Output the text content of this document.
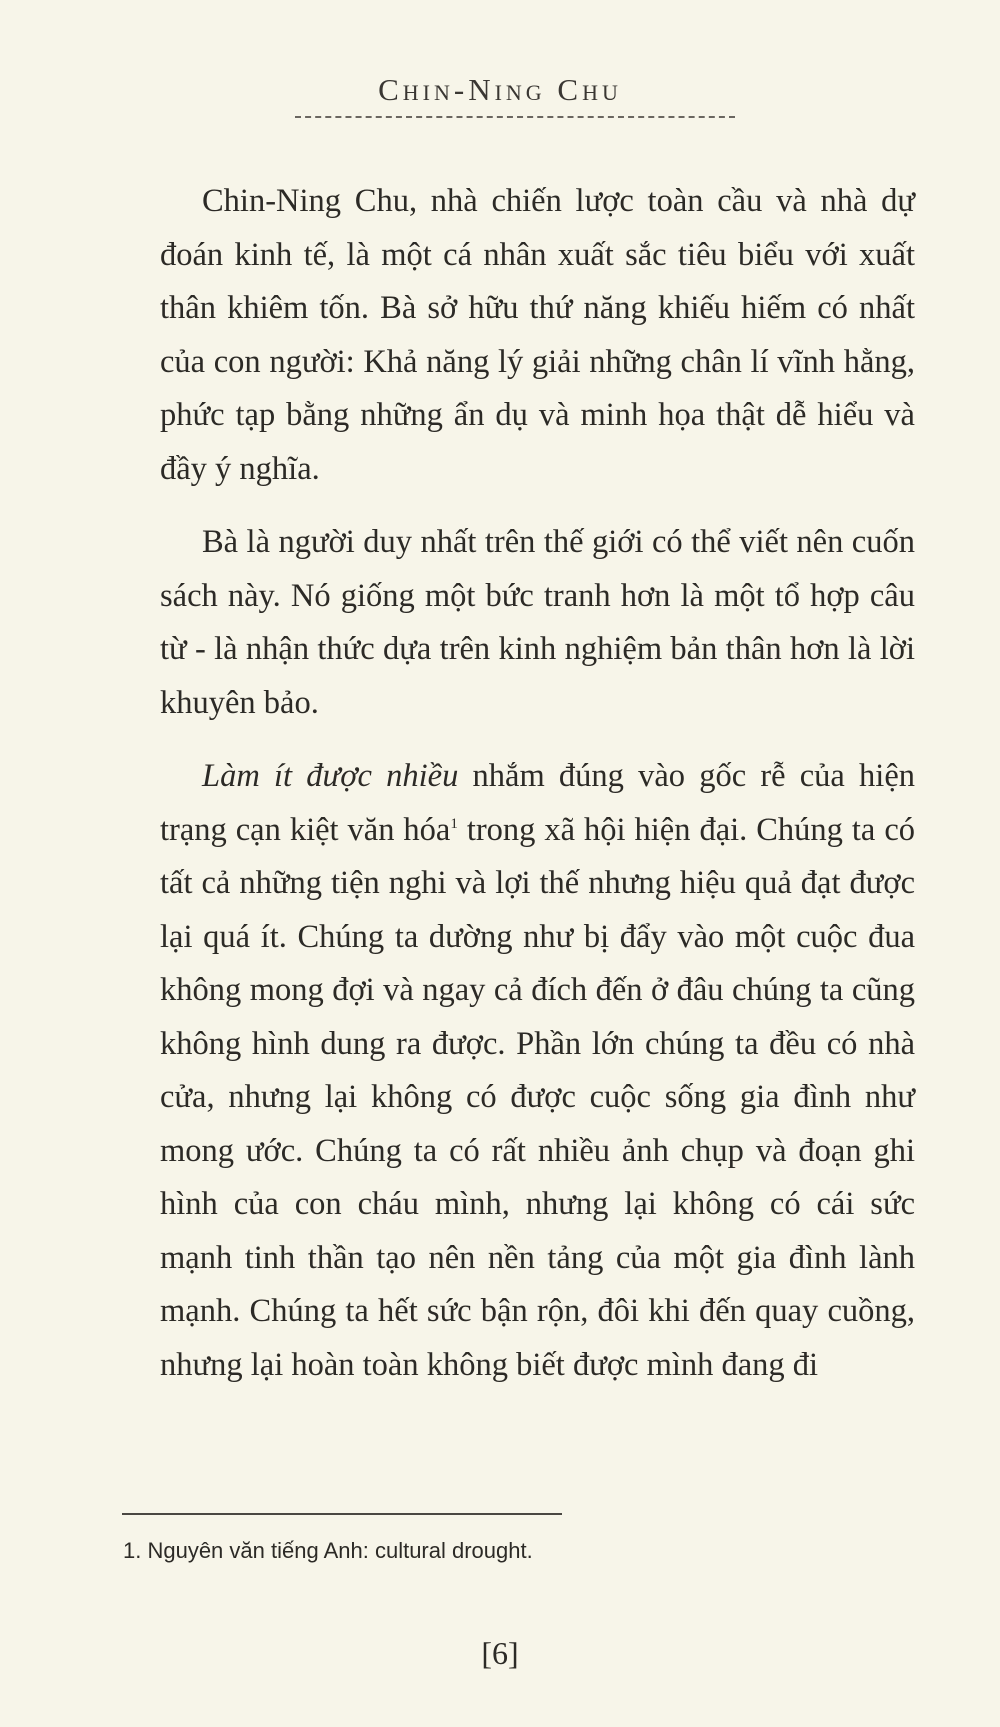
Chin-Ning Chu

Chin-Ning Chu, nhà chiến lược toàn cầu và nhà dự đoán kinh tế, là một cá nhân xuất sắc tiêu biểu với xuất thân khiêm tốn. Bà sở hữu thứ năng khiếu hiếm có nhất của con người: Khả năng lý giải những chân lí vĩnh hằng, phức tạp bằng những ẩn dụ và minh họa thật dễ hiểu và đầy ý nghĩa.

Bà là người duy nhất trên thế giới có thể viết nên cuốn sách này. Nó giống một bức tranh hơn là một tổ hợp câu từ - là nhận thức dựa trên kinh nghiệm bản thân hơn là lời khuyên bảo.

Làm ít được nhiều nhắm đúng vào gốc rễ của hiện trạng cạn kiệt văn hóa$^1$ trong xã hội hiện đại. Chúng ta có tất cả những tiện nghi và lợi thế nhưng hiệu quả đạt được lại quá ít. Chúng ta dường như bị đẩy vào một cuộc đua không mong đợi và ngay cả đích đến ở đâu chúng ta cũng không hình dung ra được. Phần lớn chúng ta đều có nhà cửa, nhưng lại không có được cuộc sống gia đình như mong ước. Chúng ta có rất nhiều ảnh chụp và đoạn ghi hình của con cháu mình, nhưng lại không có cái sức mạnh tinh thần tạo nên nền tảng của một gia đình lành mạnh. Chúng ta hết sức bận rộn, đôi khi đến quay cuồng, nhưng lại hoàn toàn không biết được mình đang đi

1. Nguyên văn tiếng Anh: cultural drought.
[6]
